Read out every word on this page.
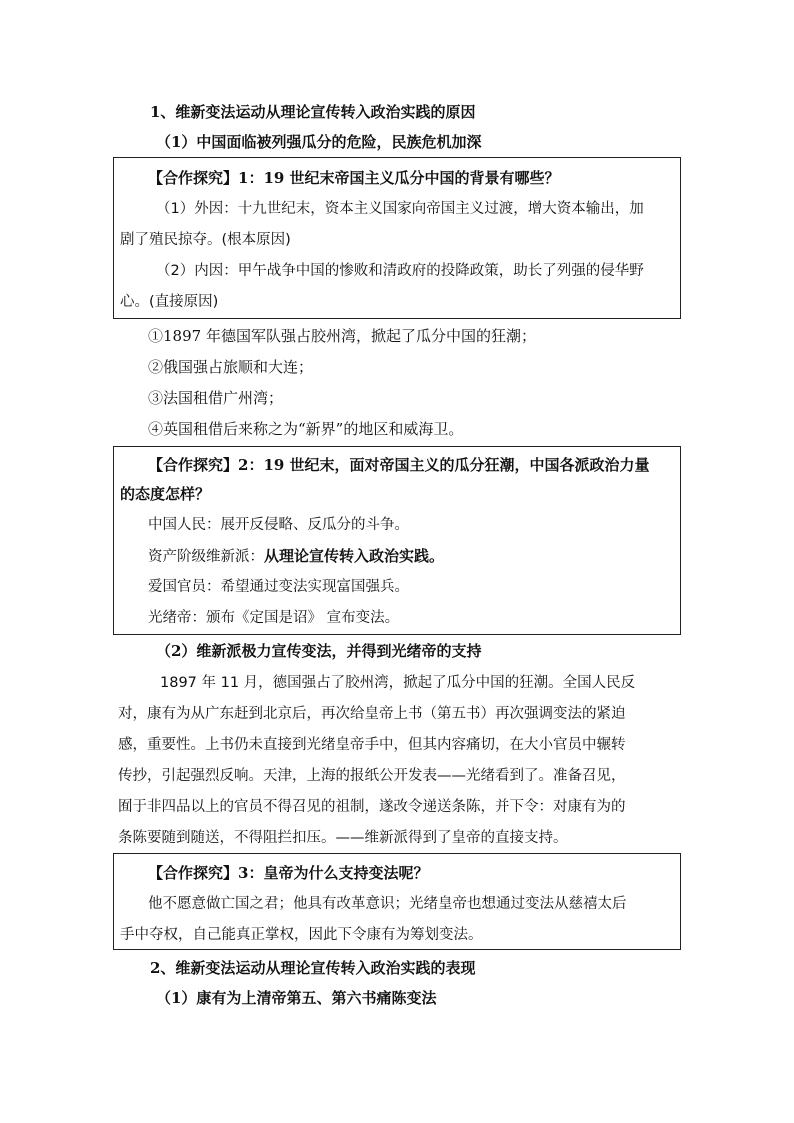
1、维新变法运动从理论宣传转入政治实践的原因
（1）中国面临被列强瓜分的危险，民族危机加深
【合作探究】1：19 世纪末帝国主义瓜分中国的背景有哪些？
（1）外因：十九世纪末，资本主义国家向帝国主义过渡，增大资本输出，加
剧了殖民掠夺。(根本原因)
（2）内因：甲午战争中国的惨败和清政府的投降政策，助长了列强的侵华野
心。(直接原因)
①1897 年德国军队强占胶州湾，掀起了瓜分中国的狂潮；
②俄国强占旅顺和大连；
③法国租借广州湾；
④英国租借后来称之为“新界”的地区和威海卫。
【合作探究】2：19 世纪末，面对帝国主义的瓜分狂潮，中国各派政治力量
的态度怎样？
中国人民：展开反侵略、反瓜分的斗争。
资产阶级维新派：从理论宣传转入政治实践。
爱国官员：希望通过变法实现富国强兵。
光绪帝：颁布《定国是诏》 宣布变法。
（2）维新派极力宣传变法，并得到光绪帝的支持
1897 年 11 月，德国强占了胶州湾，掀起了瓜分中国的狂潮。全国人民反
对，康有为从广东赶到北京后，再次给皇帝上书（第五书）再次强调变法的紧迫
感，重要性。上书仍未直接到光绪皇帝手中，但其内容痛切，在大小官员中辗转
传抄，引起强烈反响。天津，上海的报纸公开发表——光绪看到了。准备召见，
囿于非四品以上的官员不得召见的祖制，遂改令递送条陈，并下令：对康有为的
条陈要随到随送，不得阻拦扣压。——维新派得到了皇帝的直接支持。
【合作探究】3：皇帝为什么支持变法呢？
他不愿意做亡国之君；他具有改革意识；光绪皇帝也想通过变法从慈禧太后
手中夺权，自己能真正掌权，因此下令康有为筹划变法。
2、维新变法运动从理论宣传转入政治实践的表现
（1）康有为上清帝第五、第六书痛陈变法
